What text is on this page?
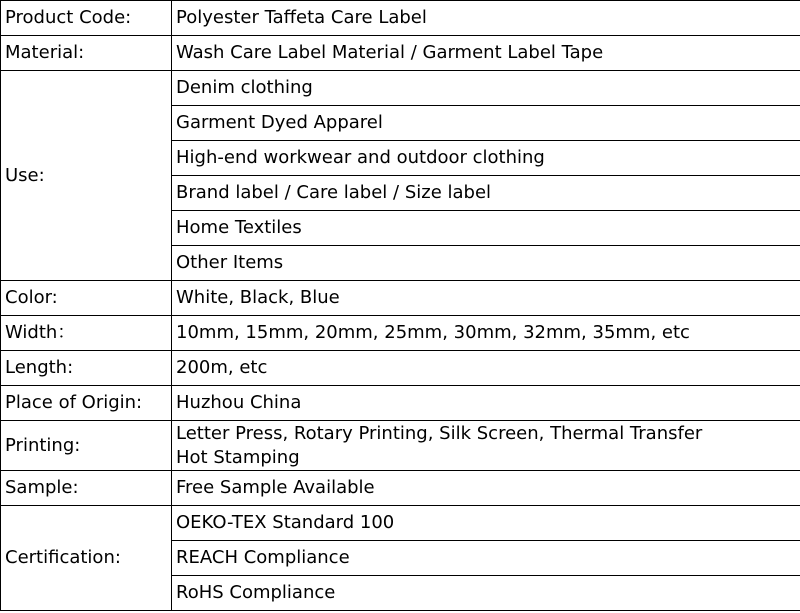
Product Code:	Polyester Taffeta Care Label
Material:	Wash Care Label Material / Garment Label Tape
Use:	Denim clothing
	Garment Dyed Apparel
	High-end workwear and outdoor clothing
	Brand label / Care label / Size label
	Home Textiles
	Other Items
Color:	White, Black, Blue
Width：	10mm, 15mm, 20mm, 25mm, 30mm, 32mm, 35mm, etc
Length:	200m, etc
Place of Origin:	Huzhou China
Printing:	Letter Press, Rotary Printing, Silk Screen, Thermal Transfer
Hot Stamping

Sample:	Free Sample Available
Certification:	OEKO-TEX Standard 100
	REACH Compliance
	RoHS Compliance
